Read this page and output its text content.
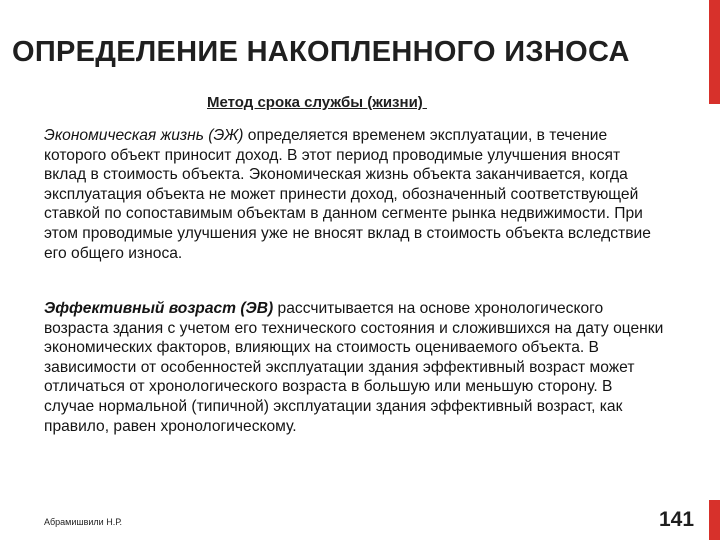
ОПРЕДЕЛЕНИЕ НАКОПЛЕННОГО ИЗНОСА
Метод срока службы (жизни)

Экономическая жизнь (ЭЖ) определяется временем эксплуатации, в течение которого объект приносит доход. В этот период проводимые улучшения вносят вклад в стоимость объекта. Экономическая жизнь объекта заканчивается, когда эксплуатация объекта не может принести доход, обозначенный соответствующей ставкой по сопоставимым объектам в данном сегменте рынка недвижимости. При этом проводимые улучшения уже не вносят вклад в стоимость объекта вследствие его общего износа.

Эффективный возраст (ЭВ) рассчитывается на основе хронологического возраста здания с учетом его технического состояния и сложившихся на дату оценки экономических факторов, влияющих на стоимость оцениваемого объекта. В зависимости от особенностей эксплуатации здания эффективный возраст может отличаться от хронологического возраста в большую или меньшую сторону. В случае нормальной (типичной) эксплуатации здания эффективный возраст, как правило, равен хронологическому.

Абрамишвили Н.Р.	141
